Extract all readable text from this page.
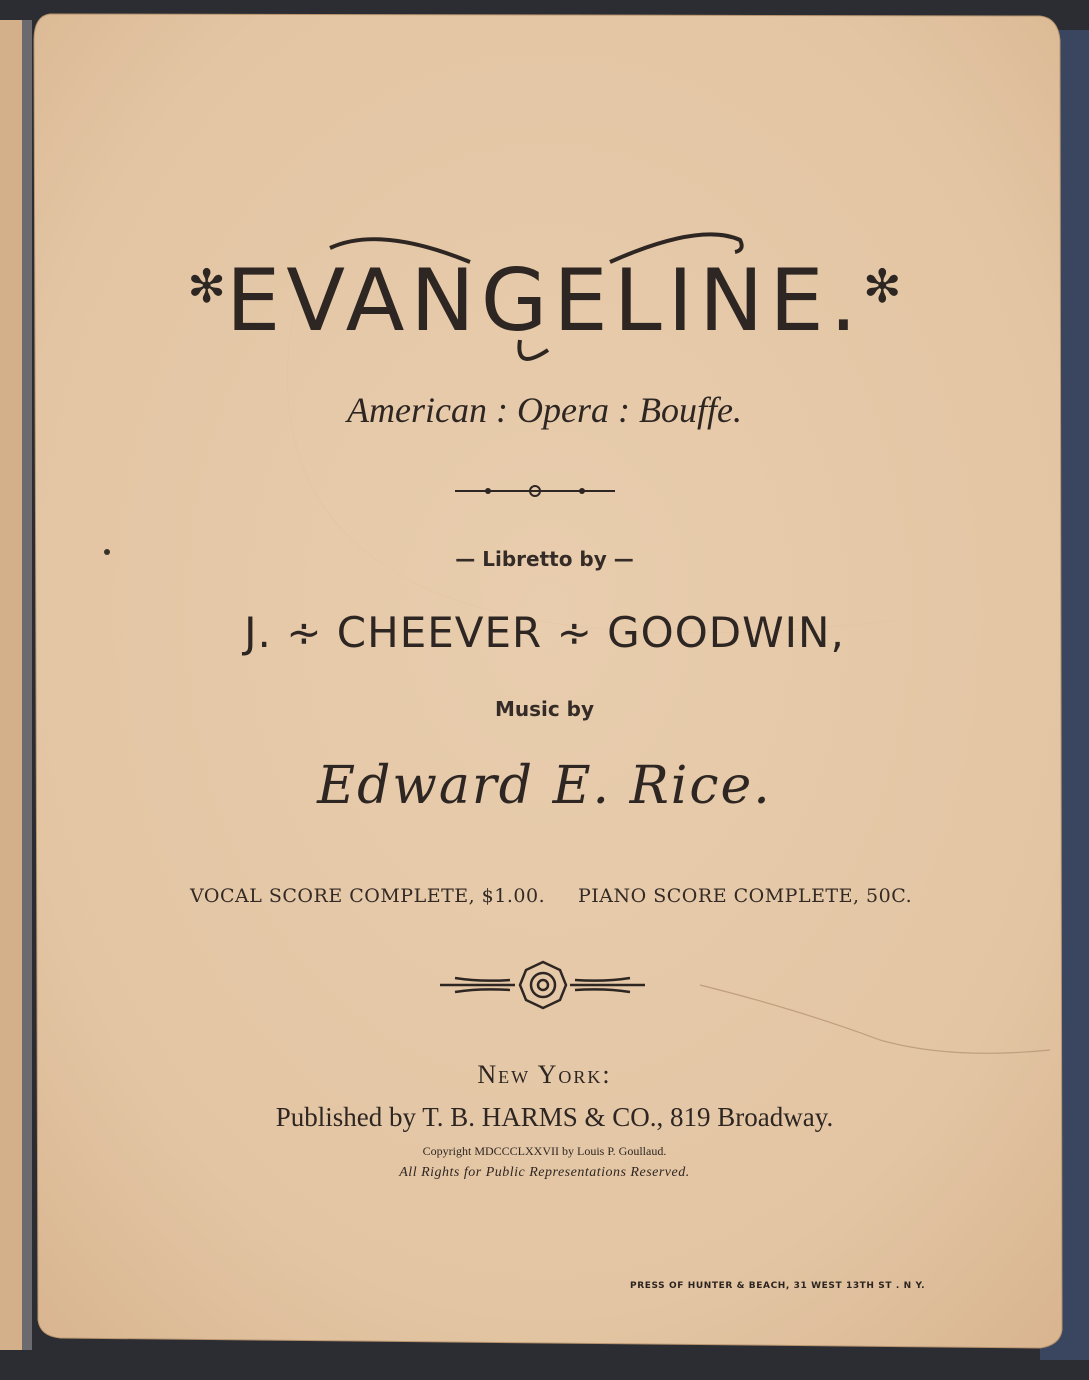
✻EVANGELINE.✻
American : Opera : Bouffe.
— Libretto by —
J. ∻ CHEEVER ∻ GOODWIN,
Music by
Edward E. Rice.
VOCAL SCORE COMPLETE, $1.00. PIANO SCORE COMPLETE, 50C.
New York:
Published by T. B. HARMS & CO., 819 Broadway.
Copyright MDCCCLXXVII by Louis P. Goullaud.
All Rights for Public Representations Reserved.
PRESS OF HUNTER & BEACH, 31 WEST 13TH ST . N Y.
